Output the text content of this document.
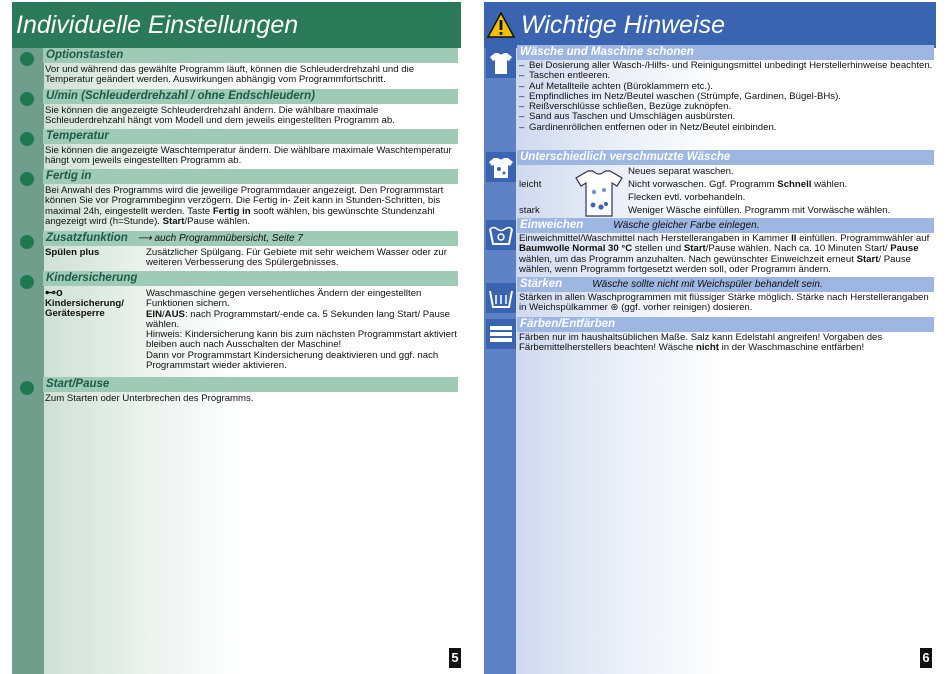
Individuelle Einstellungen
Optionstasten
Vor und während das gewählte Programm läuft, können die Schleuderdrehzahl und die Temperatur geändert werden. Auswirkungen abhängig vom Programmfortschritt.
U/min (Schleuderdrehzahl / ohne Endschleudern)
Sie können die angezeigte Schleuderdrehzahl ändern. Die wählbare maximale Schleuderdrehzahl hängt vom Modell und dem jeweils eingestellten Programm ab.
Temperatur
Sie können die angezeigte Waschtemperatur ändern. Die wählbare maximale Waschtemperatur hängt vom jeweils eingestellten Programm ab.
Fertig in
Bei Anwahl des Programms wird die jeweilige Programmdauer angezeigt. Den Programmstart können Sie vor Programmbeginn verzögern. Die Fertig in- Zeit kann in Stunden-Schritten, bis maximal 24h, eingestellt werden. Taste Fertig in sooft wählen, bis gewünschte Stundenzahl angezeigt wird (h=Stunde). Start/Pause wählen.
Zusatzfunktion ⟶ auch Programmübersicht, Seite 7
Spülen plus	Zusätzlicher Spülgang. Für Gebiete mit sehr weichem Wasser oder zur weiteren Verbesserung des Spülergebnisses.
Kindersicherung
⊷o
Kindersicherung/ Gerätesperre
Waschmaschine gegen versehentliches Ändern der eingestellten Funktionen sichern.
EIN/AUS: nach Programmstart/-ende ca. 5 Sekunden lang Start/ Pause wählen.
Hinweis: Kindersicherung kann bis zum nächsten Programmstart aktiviert bleiben auch nach Ausschalten der Maschine!
Dann vor Programmstart Kindersicherung deaktivieren und ggf. nach Programmstart wieder aktivieren.
Start/Pause
Zum Starten oder Unterbrechen des Programms.
5
Wichtige Hinweise
Wäsche und Maschine schonen
– Bei Dosierung aller Wasch-/Hilfs- und Reinigungsmittel unbedingt Herstellerhinweise beachten.
– Taschen entleeren.
– Auf Metallteile achten (Büroklammern etc.).
– Empfindliches im Netz/Beutel waschen (Strümpfe, Gardinen, Bügel-BHs).
– Reißverschlüsse schließen, Bezüge zuknöpfen.
– Sand aus Taschen und Umschlägen ausbürsten.
– Gardinenröllchen entfernen oder in Netz/Beutel einbinden.
Unterschiedlich verschmutzte Wäsche
Neues separat waschen.
leicht	Nicht vorwaschen. Ggf. Programm Schnell wählen.
Flecken evtl. vorbehandeln.
stark	Weniger Wäsche einfüllen. Programm mit Vorwäsche wählen.
Einweichen	Wäsche gleicher Farbe einlegen.
Einweichmittel/Waschmittel nach Herstellerangaben in Kammer II einfüllen. Programmwähler auf Baumwolle Normal 30 °C stellen und Start/Pause wählen. Nach ca. 10 Minuten Start/ Pause wählen, um das Programm anzuhalten. Nach gewünschter Einweichzeit erneut Start/ Pause wählen, wenn Programm fortgesetzt werden soll, oder Programm ändern.
Stärken	Wäsche sollte nicht mit Weichspüler behandelt sein.
Stärken in allen Waschprogrammen mit flüssiger Stärke möglich. Stärke nach Herstellerangaben in Weichspülkammer ⊛ (ggf. vorher reinigen) dosieren.
Färben/Entfärben
Färben nur im haushaltsüblichen Maße. Salz kann Edelstahl angreifen! Vorgaben des Färbemittelherstellers beachten! Wäsche nicht in der Waschmaschine entfärben!
6
